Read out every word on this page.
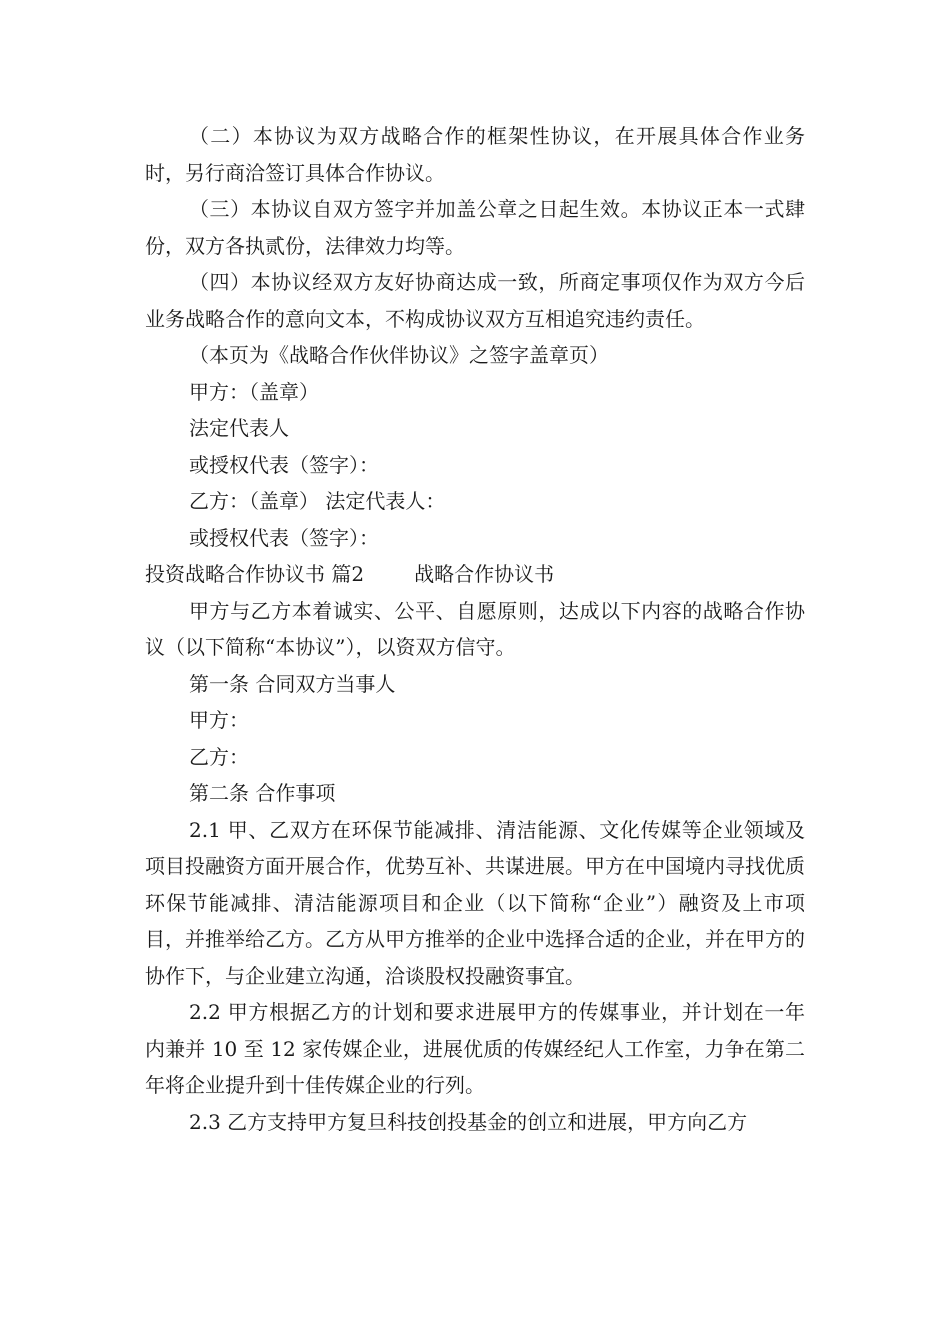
（二）本协议为双方战略合作的框架性协议，在开展具体合作业务时，另行商洽签订具体合作协议。

（三）本协议自双方签字并加盖公章之日起生效。本协议正本一式肆份，双方各执贰份，法律效力均等。

（四）本协议经双方友好协商达成一致，所商定事项仅作为双方今后业务战略合作的意向文本，不构成协议双方互相追究违约责任。

（本页为《战略合作伙伴协议》之签字盖章页）

甲方：（盖章）

法定代表人

或授权代表（签字）：

乙方：（盖章） 法定代表人：

或授权代表（签字）：

投资战略合作协议书 篇2	战略合作协议书

甲方与乙方本着诚实、公平、自愿原则，达成以下内容的战略合作协议（以下简称“本协议”），以资双方信守。

第一条 合同双方当事人

甲方：

乙方：

第二条 合作事项

2.1 甲、乙双方在环保节能减排、清洁能源、文化传媒等企业领域及项目投融资方面开展合作，优势互补、共谋进展。甲方在中国境内寻找优质环保节能减排、清洁能源项目和企业（以下简称“企业”）融资及上市项目，并推举给乙方。乙方从甲方推举的企业中选择合适的企业，并在甲方的协作下，与企业建立沟通，洽谈股权投融资事宜。

2.2 甲方根据乙方的计划和要求进展甲方的传媒事业，并计划在一年内兼并 10 至 12 家传媒企业，进展优质的传媒经纪人工作室，力争在第二年将企业提升到十佳传媒企业的行列。

2.3 乙方支持甲方复旦科技创投基金的创立和进展，甲方向乙方
